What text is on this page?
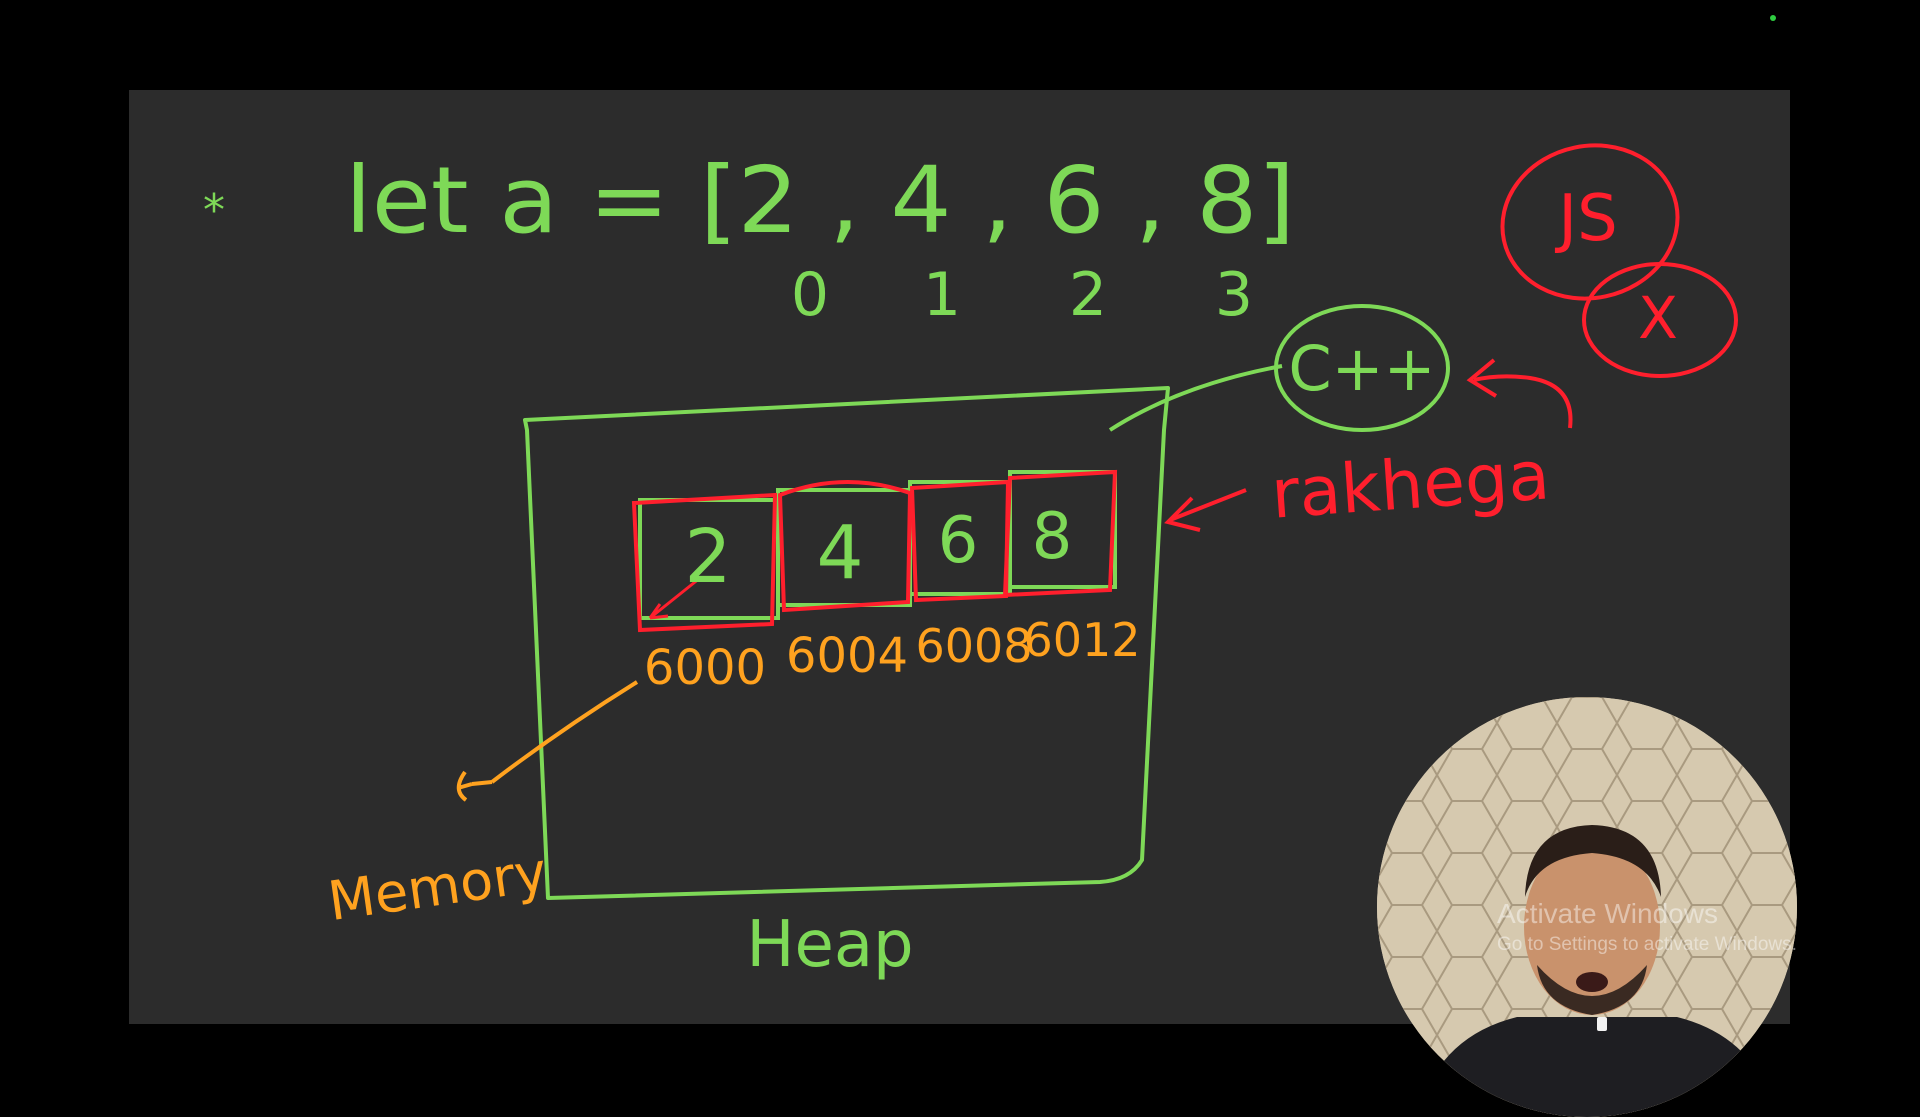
* let a = [2 , 4 , 6 , 8]
0 1 2 3
2 4 6 8
6000 6004 6008
6012
Memory
Heap
C++
JS
X
rakhega
Activate Windows
Go to Settings to activate Windows.
